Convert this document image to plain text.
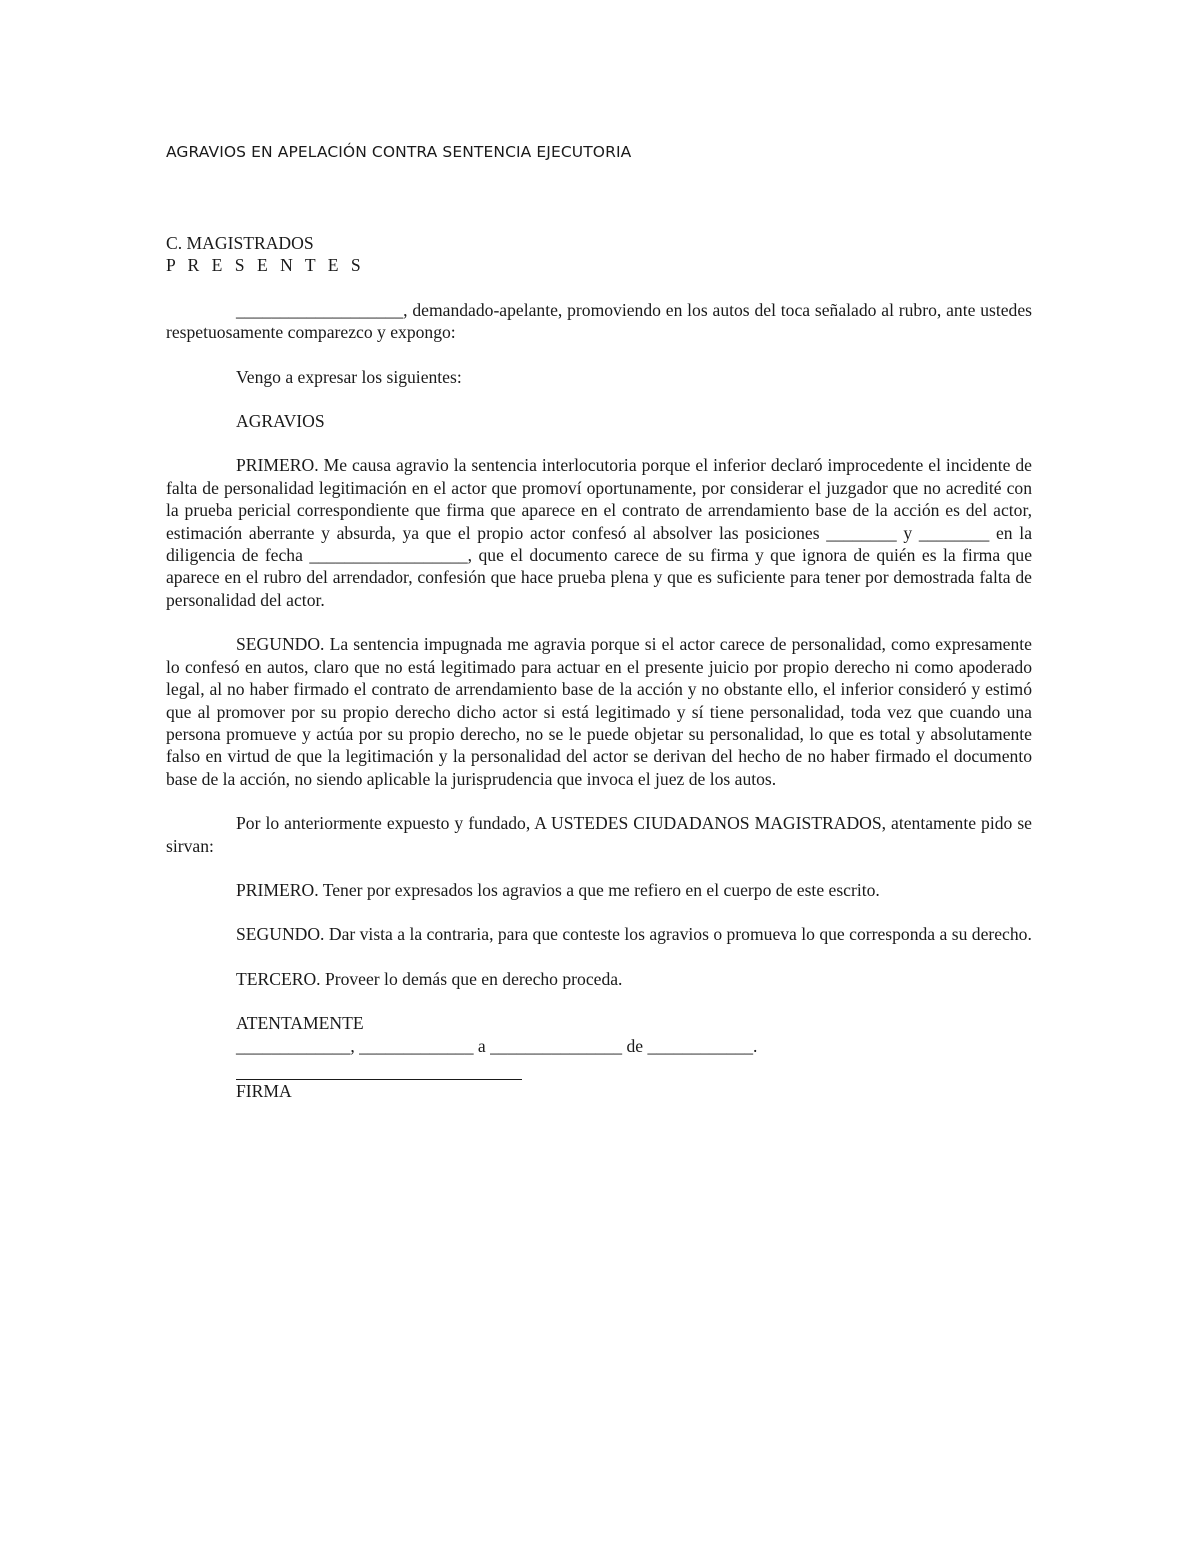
AGRAVIOS EN APELACIÓN CONTRA SENTENCIA EJECUTORIA

C. MAGISTRADOS
P R E S E N T E S

___________________, demandado-apelante, promoviendo en los autos del toca señalado al rubro, ante ustedes respetuosamente comparezco y expongo:

Vengo a expresar los siguientes:

AGRAVIOS

PRIMERO. Me causa agravio la sentencia interlocutoria porque el inferior declaró improcedente el incidente de falta de personalidad legitimación en el actor que promoví oportunamente, por considerar el juzgador que no acredité con la prueba pericial correspondiente que firma que aparece en el contrato de arrendamiento base de la acción es del actor, estimación aberrante y absurda, ya que el propio actor confesó al absolver las posiciones ________ y ________ en la diligencia de fecha __________________, que el documento carece de su firma y que ignora de quién es la firma que aparece en el rubro del arrendador, confesión que hace prueba plena y que es suficiente para tener por demostrada falta de personalidad del actor.

SEGUNDO. La sentencia impugnada me agravia porque si el actor carece de personalidad, como expresamente lo confesó en autos, claro que no está legitimado para actuar en el presente juicio por propio derecho ni como apoderado legal, al no haber firmado el contrato de arrendamiento base de la acción y no obstante ello, el inferior consideró y estimó que al promover por su propio derecho dicho actor si está legitimado y sí tiene personalidad, toda vez que cuando una persona promueve y actúa por su propio derecho, no se le puede objetar su personalidad, lo que es total y absolutamente falso en virtud de que la legitimación y la personalidad del actor se derivan del hecho de no haber firmado el documento base de la acción, no siendo aplicable la jurisprudencia que invoca el juez de los autos.

Por lo anteriormente expuesto y fundado, A USTEDES CIUDADANOS MAGISTRADOS, atentamente pido se sirvan:

PRIMERO. Tener por expresados los agravios a que me refiero en el cuerpo de este escrito.

SEGUNDO. Dar vista a la contraria, para que conteste los agravios o promueva lo que corresponda a su derecho.

TERCERO. Proveer lo demás que en derecho proceda.

ATENTAMENTE
_____________, _____________ a _______________ de ____________.
FIRMA
